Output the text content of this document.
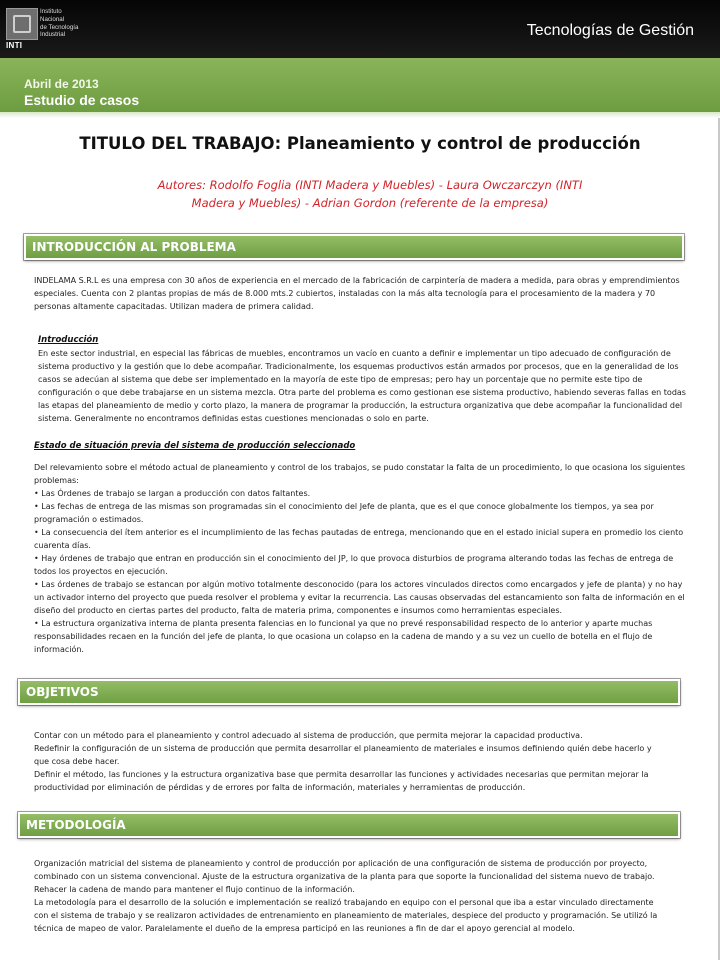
Instituto
Nacional
de Tecnología
Industrial
INTI
Tecnologías de Gestión
Abril de 2013
Estudio de casos
TITULO DEL TRABAJO: Planeamiento y control de producción
Autores: Rodolfo Foglia (INTI Madera y Muebles) - Laura Owczarczyn (INTI Madera y Muebles) - Adrian Gordon (referente de la empresa)
INTRODUCCIÓN AL PROBLEMA
INDELAMA S.R.L es una empresa con 30 años de experiencia en el mercado de la fabricación de carpintería de madera a medida, para obras y emprendimientos especiales. Cuenta con 2 plantas propias de más de 8.000 mts.2 cubiertos, instaladas con la más alta tecnología para el procesamiento de la madera y 70 personas altamente capacitadas. Utilizan madera de primera calidad.

Introducción

En este sector industrial, en especial las fábricas de muebles, encontramos un vacío en cuanto a definir e implementar un tipo adecuado de configuración de sistema productivo y la gestión que lo debe acompañar. Tradicionalmente, los esquemas productivos están armados por procesos, que en la generalidad de los casos se adecúan al sistema que debe ser implementado en la mayoría de este tipo de empresas; pero hay un porcentaje que no permite este tipo de configuración o que debe trabajarse en un sistema mezcla. Otra parte del problema es como gestionan ese sistema productivo, habiendo severas fallas en todas las etapas del planeamiento de medio y corto plazo, la manera de programar la producción, la estructura organizativa que debe acompañar la funcionalidad del sistema. Generalmente no encontramos definidas estas cuestiones mencionadas o solo en parte.

Estado de situación previa del sistema de producción seleccionado

Del relevamiento sobre el método actual de planeamiento y control de los trabajos, se pudo constatar la falta de un procedimiento, lo que ocasiona los siguientes problemas:

• Las Órdenes de trabajo se largan a producción con datos faltantes.

• Las fechas de entrega de las mismas son programadas sin el conocimiento del Jefe de planta, que es el que conoce globalmente los tiempos, ya sea por programación o estimados.

• La consecuencia del ítem anterior es el incumplimiento de las fechas pautadas de entrega, mencionando que en el estado inicial supera en promedio los ciento cuarenta días.

• Hay órdenes de trabajo que entran en producción sin el conocimiento del JP, lo que provoca disturbios de programa alterando todas las fechas de entrega de todos los proyectos en ejecución.

• Las órdenes de trabajo se estancan por algún motivo totalmente desconocido (para los actores vinculados directos como encargados y jefe de planta) y no hay un activador interno del proyecto que pueda resolver el problema y evitar la recurrencia. Las causas observadas del estancamiento son falta de información en el diseño del producto en ciertas partes del producto, falta de materia prima, componentes e insumos como herramientas especiales.

• La estructura organizativa interna de planta presenta falencias en lo funcional ya que no prevé responsabilidad respecto de lo anterior y aparte muchas responsabilidades recaen en la función del jefe de planta, lo que ocasiona un colapso en la cadena de mando y a su vez un cuello de botella en el flujo de información.

OBJETIVOS

Contar con un método para el planeamiento y control adecuado al sistema de producción, que permita mejorar la capacidad productiva.

Redefinir la configuración de un sistema de producción que permita desarrollar el planeamiento de materiales e insumos definiendo quién debe hacerlo y que cosa debe hacer.

Definir el método, las funciones y la estructura organizativa base que permita desarrollar las funciones y actividades necesarias que permitan mejorar la productividad por eliminación de pérdidas y de errores por falta de información, materiales y herramientas de producción.

METODOLOGÍA

Organización matricial del sistema de planeamiento y control de producción por aplicación de una configuración de sistema de producción por proyecto, combinado con un sistema convencional. Ajuste de la estructura organizativa de la planta para que soporte la funcionalidad del sistema nuevo de trabajo. Rehacer la cadena de mando para mantener el flujo continuo de la información.

La metodología para el desarrollo de la solución e implementación se realizó trabajando en equipo con el personal que iba a estar vinculado directamente con el sistema de trabajo y se realizaron actividades de entrenamiento en planeamiento de materiales, despiece del producto y programación. Se utilizó la técnica de mapeo de valor. Paralelamente el dueño de la empresa participó en las reuniones a fin de dar el apoyo gerencial al modelo.
